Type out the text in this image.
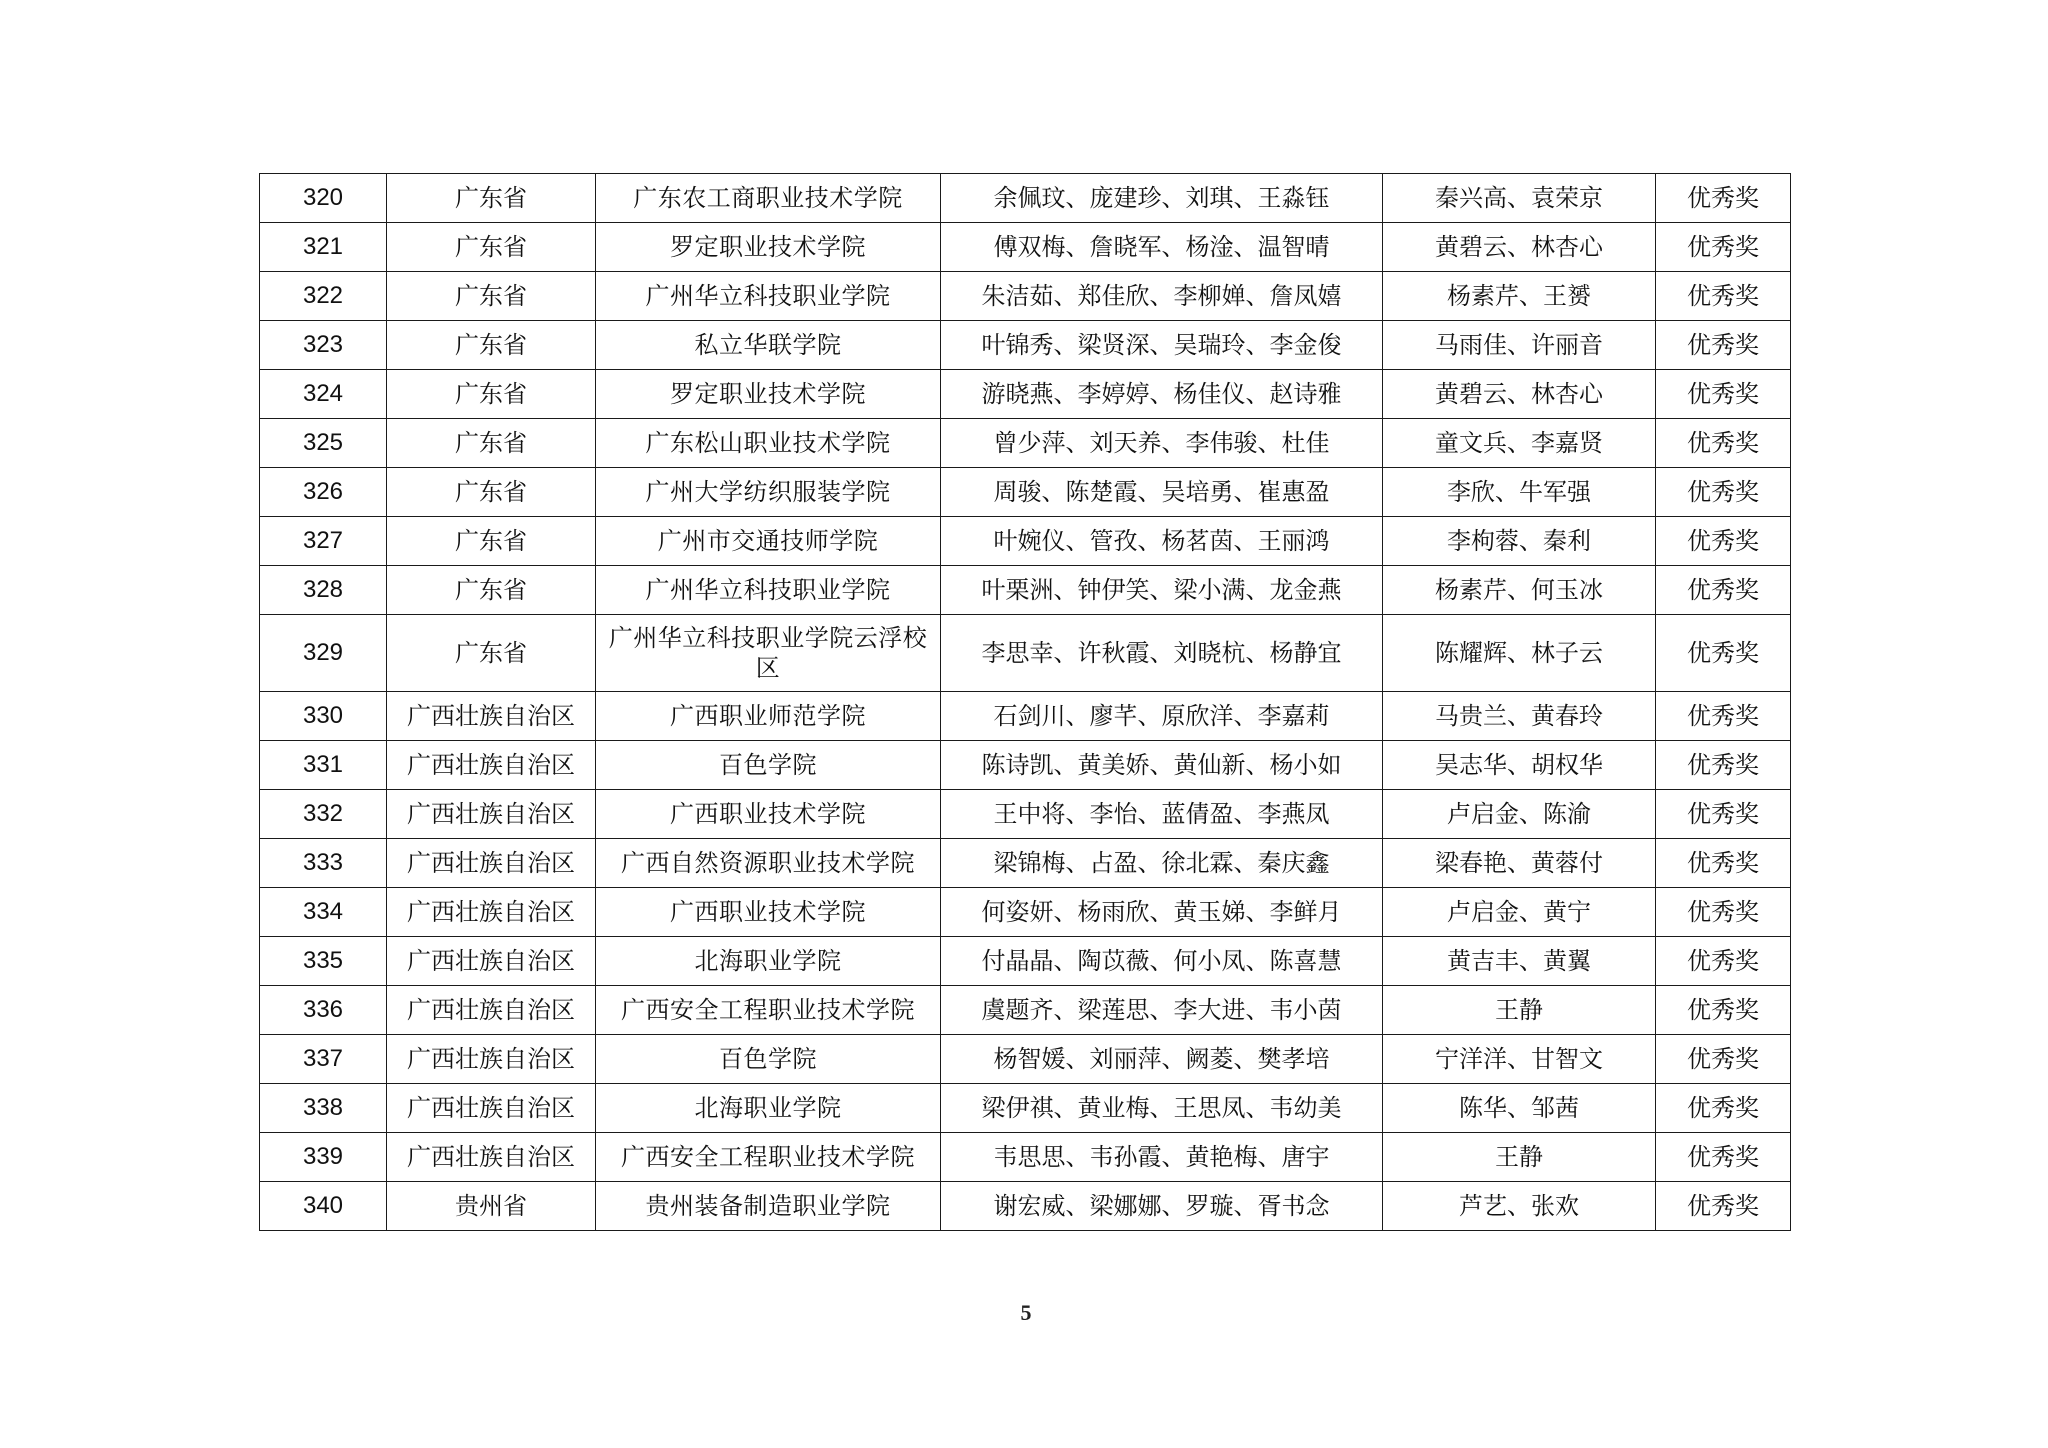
320	广东省	广东农工商职业技术学院	余佩玟、庞建珍、刘琪、王淼钰	秦兴高、袁荣京	优秀奖
321	广东省	罗定职业技术学院	傅双梅、詹晓军、杨淦、温智晴	黄碧云、林杏心	优秀奖
322	广东省	广州华立科技职业学院	朱洁茹、郑佳欣、李柳婵、詹凤嬉	杨素芹、王赟	优秀奖
323	广东省	私立华联学院	叶锦秀、梁贤深、吴瑞玲、李金俊	马雨佳、许丽音	优秀奖
324	广东省	罗定职业技术学院	游晓燕、李婷婷、杨佳仪、赵诗雅	黄碧云、林杏心	优秀奖
325	广东省	广东松山职业技术学院	曾少萍、刘天养、李伟骏、杜佳	童文兵、李嘉贤	优秀奖
326	广东省	广州大学纺织服装学院	周骏、陈楚霞、吴培勇、崔惠盈	李欣、牛军强	优秀奖
327	广东省	广州市交通技师学院	叶婉仪、管孜、杨茗茵、王丽鸿	李枸蓉、秦利	优秀奖
328	广东省	广州华立科技职业学院	叶栗洲、钟伊笑、梁小满、龙金燕	杨素芹、何玉冰	优秀奖
329	广东省	广州华立科技职业学院云浮校区	李思幸、许秋霞、刘晓杭、杨静宜	陈耀辉、林子云	优秀奖
330	广西壮族自治区	广西职业师范学院	石剑川、廖芊、原欣洋、李嘉莉	马贵兰、黄春玲	优秀奖
331	广西壮族自治区	百色学院	陈诗凯、黄美娇、黄仙新、杨小如	吴志华、胡权华	优秀奖
332	广西壮族自治区	广西职业技术学院	王中将、李怡、蓝倩盈、李燕凤	卢启金、陈渝	优秀奖
333	广西壮族自治区	广西自然资源职业技术学院	梁锦梅、占盈、徐北霖、秦庆鑫	梁春艳、黄蓉付	优秀奖
334	广西壮族自治区	广西职业技术学院	何姿妍、杨雨欣、黄玉娣、李鲜月	卢启金、黄宁	优秀奖
335	广西壮族自治区	北海职业学院	付晶晶、陶苡薇、何小凤、陈喜慧	黄吉丰、黄翼	优秀奖
336	广西壮族自治区	广西安全工程职业技术学院	虞题齐、梁莲思、李大进、韦小茵	王静	优秀奖
337	广西壮族自治区	百色学院	杨智媛、刘丽萍、阙菱、樊孝培	宁洋洋、甘智文	优秀奖
338	广西壮族自治区	北海职业学院	梁伊祺、黄业梅、王思凤、韦幼美	陈华、邹茜	优秀奖
339	广西壮族自治区	广西安全工程职业技术学院	韦思思、韦孙霞、黄艳梅、唐宇	王静	优秀奖
340	贵州省	贵州装备制造职业学院	谢宏威、梁娜娜、罗璇、胥书念	芦艺、张欢	优秀奖
5
